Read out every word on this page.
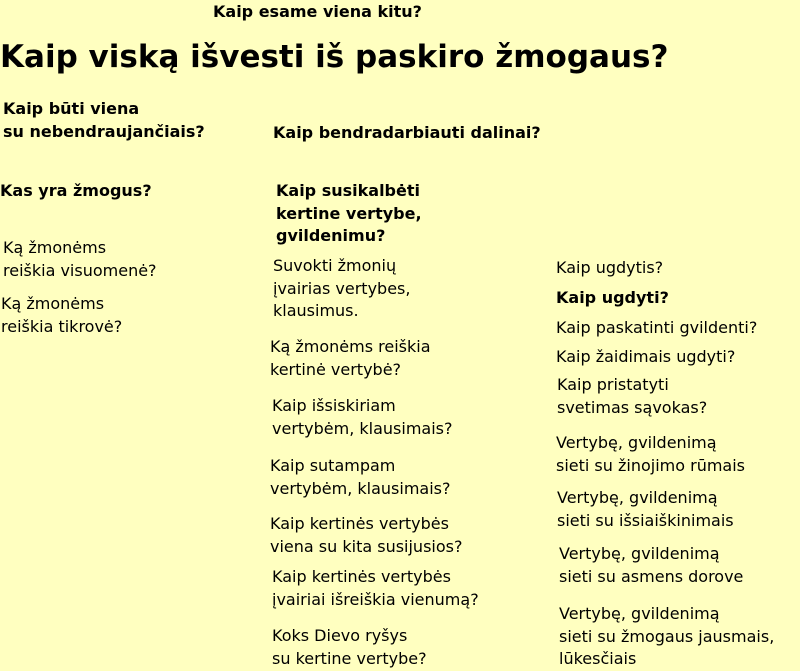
Kaip esame viena kitu?
Kaip viską išvesti iš paskiro žmogaus?
Kaip būti viena
su nebendraujančiais?
Kas yra žmogus?
Ką žmonėms
reiškia visuomenė?
Ką žmonėms
reiškia tikrovė?
Kaip bendradarbiauti dalinai?
Kaip susikalbėti
kertine vertybe,
gvildenimu?
Suvokti žmonių
įvairias vertybes,
klausimus.
Ką žmonėms reiškia
kertinė vertybė?
Kaip išsiskiriam
vertybėm, klausimais?
Kaip sutampam
vertybėm, klausimais?
Kaip kertinės vertybės
viena su kita susijusios?
Kaip kertinės vertybės
įvairiai išreiškia vienumą?
Koks Dievo ryšys
su kertine vertybe?
Kaip ugdytis?
Kaip ugdyti?
Kaip paskatinti gvildenti?
Kaip žaidimais ugdyti?
Kaip pristatyti
svetimas sąvokas?
Vertybę, gvildenimą
sieti su žinojimo rūmais
Vertybę, gvildenimą
sieti su išsiaiškinimais
Vertybę, gvildenimą
sieti su asmens dorove
Vertybę, gvildenimą
sieti su žmogaus jausmais,
lūkesčiais
